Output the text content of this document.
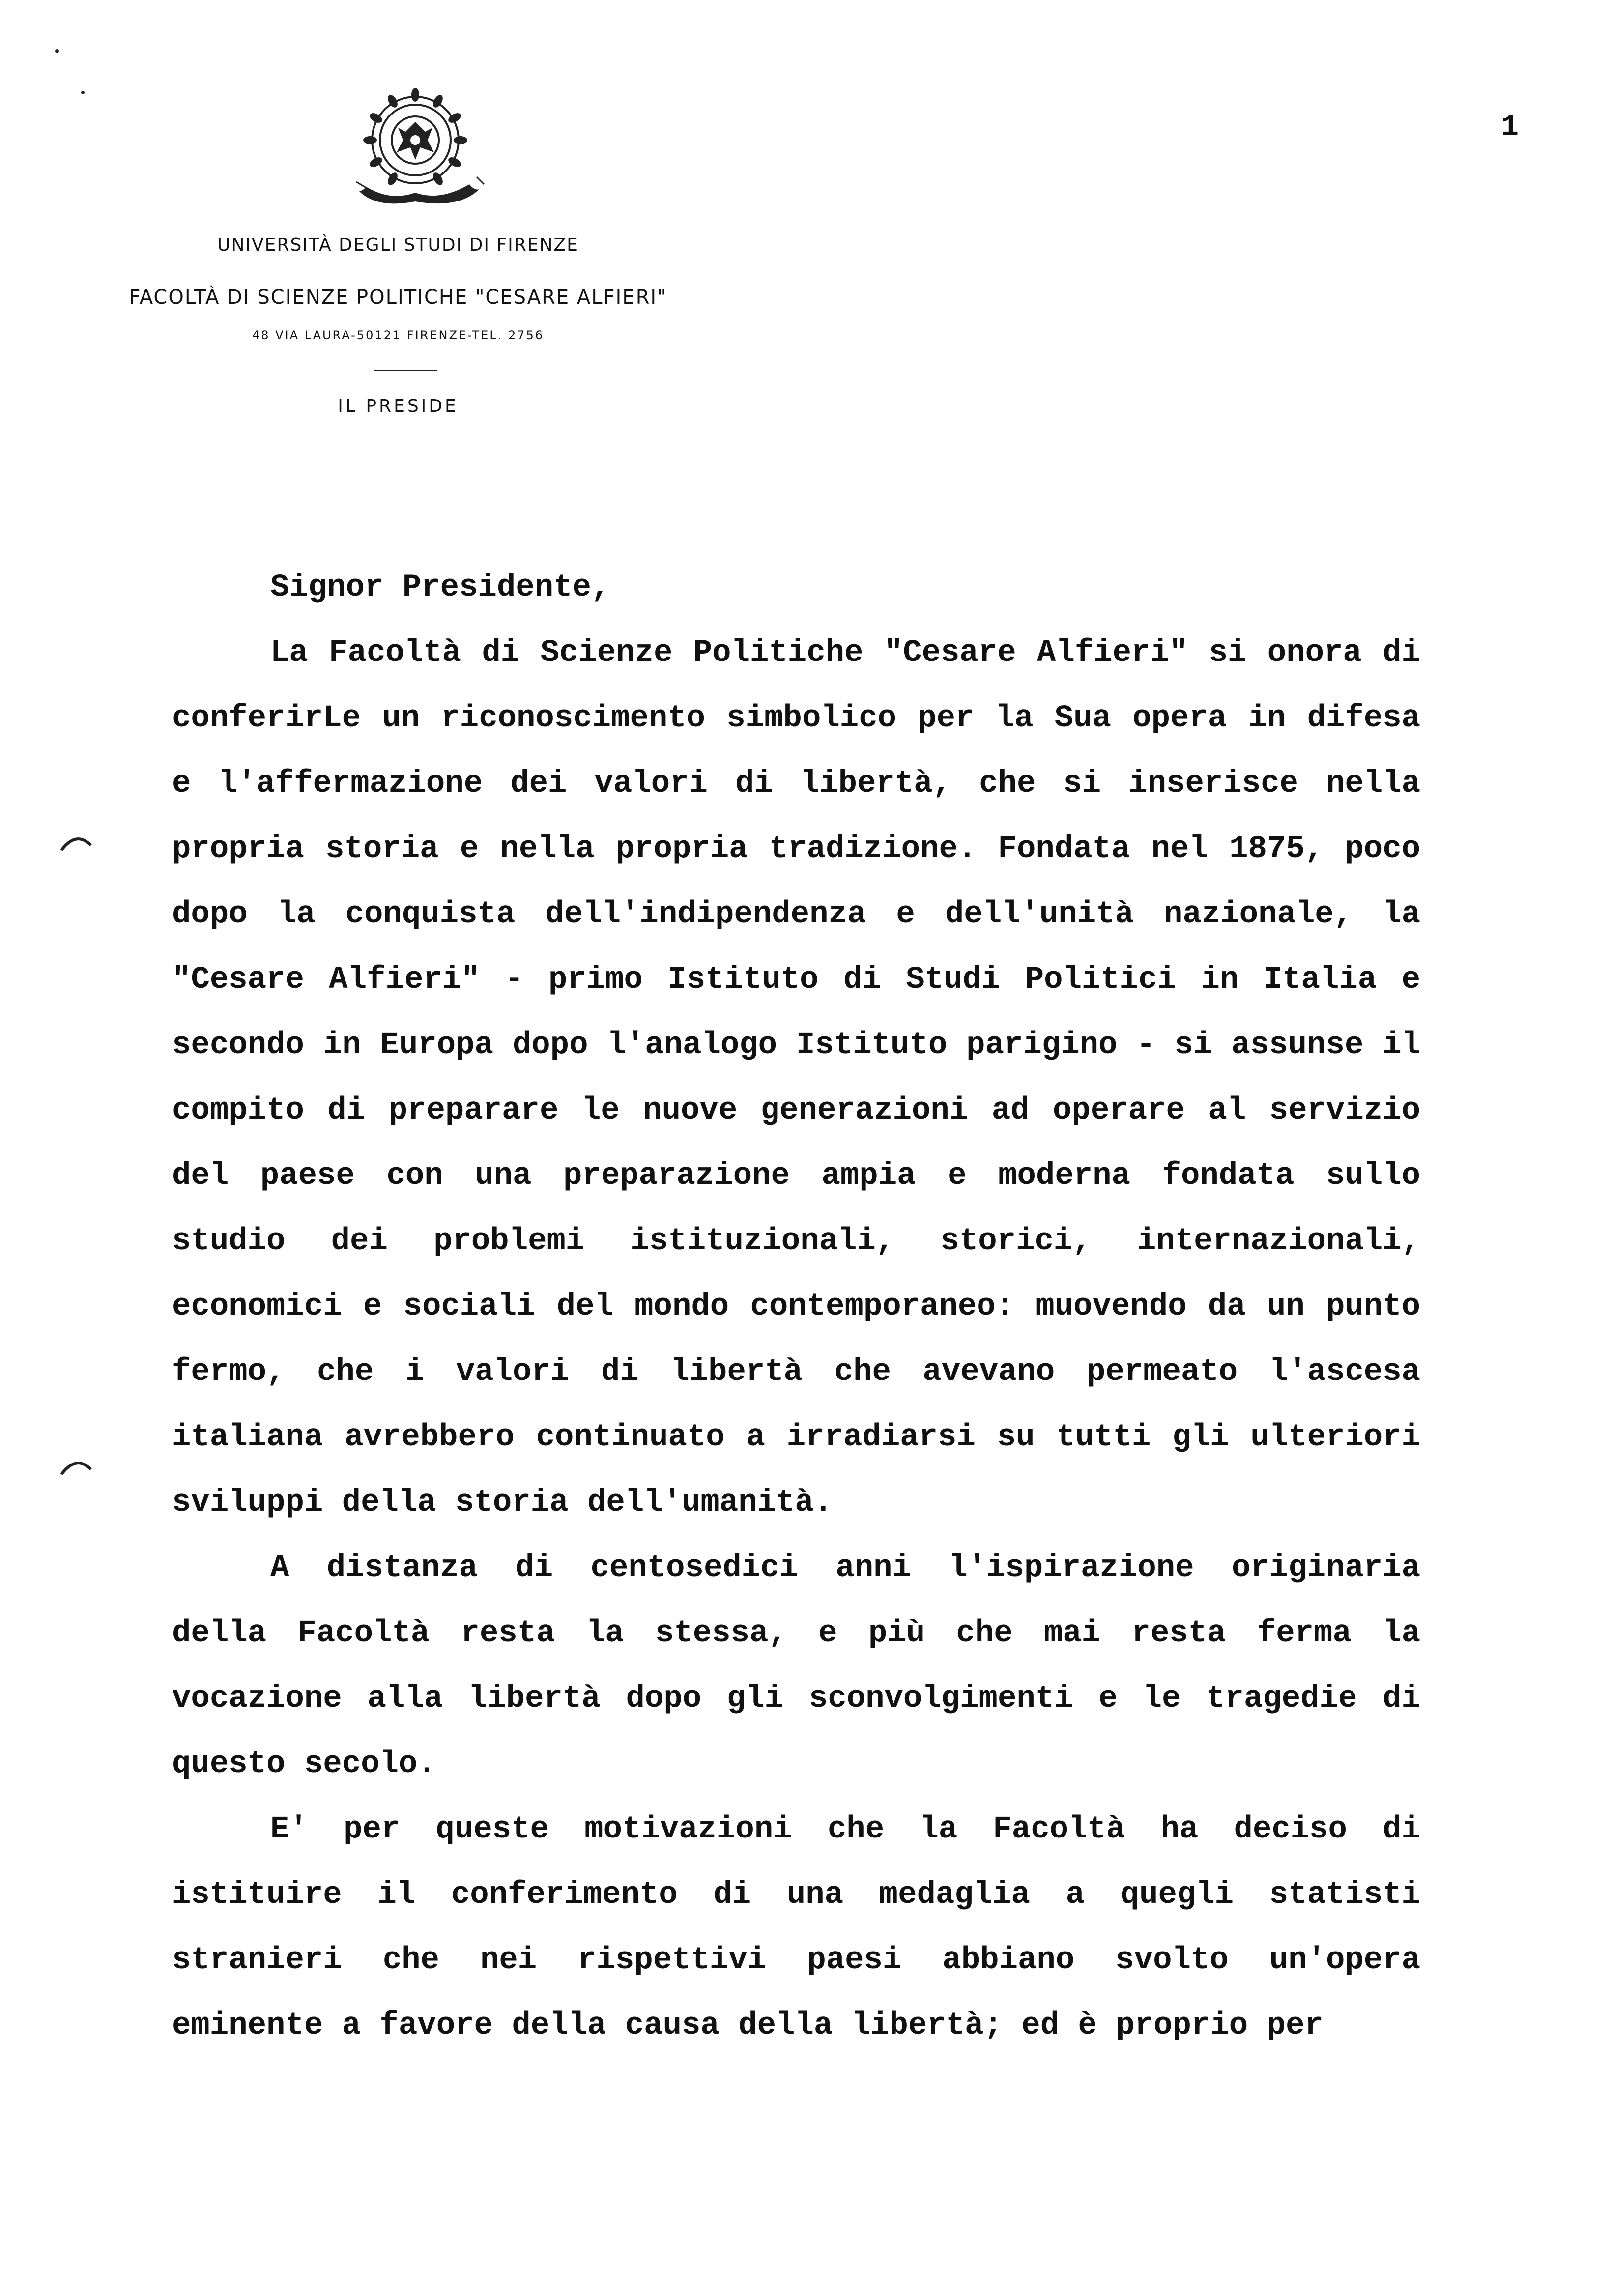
UNIVERSITÀ DEGLI STUDI DI FIRENZE
FACOLTÀ DI SCIENZE POLITICHE "CESARE ALFIERI"
48 VIA LAURA-50121 FIRENZE-TEL. 2756
IL PRESIDE
1

Signor Presidente,

La Facoltà di Scienze Politiche "Cesare Alfieri" si onora di conferirLe un riconoscimento simbolico per la Sua opera in difesa e l'affermazione dei valori di libertà, che si inserisce nella propria storia e nella propria tradizione. Fondata nel 1875, poco dopo la conquista dell'indipendenza e dell'unità nazionale, la "Cesare Alfieri" - primo Istituto di Studi Politici in Italia e secondo in Europa dopo l'analogo Istituto parigino - si assunse il compito di preparare le nuove generazioni ad operare al servizio del paese con una preparazione ampia e moderna fondata sullo studio dei problemi istituzionali, storici, internazionali, economici e sociali del mondo contemporaneo: muovendo da un punto fermo, che i valori di libertà che avevano permeato l'ascesa italiana avrebbero continuato a irradiarsi su tutti gli ulteriori sviluppi della storia dell'umanità.

A distanza di centosedici anni l'ispirazione originaria della Facoltà resta la stessa, e più che mai resta ferma la vocazione alla libertà dopo gli sconvolgimenti e le tragedie di questo secolo.

E' per queste motivazioni che la Facoltà ha deciso di istituire il conferimento di una medaglia a quegli statisti stranieri che nei rispettivi paesi abbiano svolto un'opera eminente a favore della causa della libertà; ed è proprio per
